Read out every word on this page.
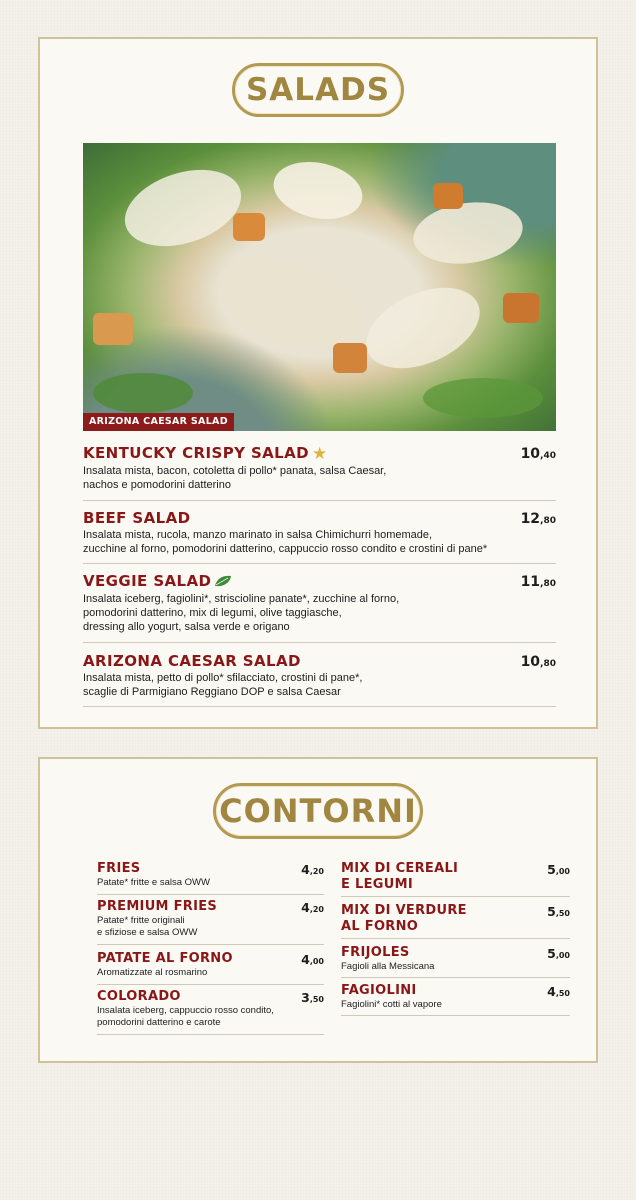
SALADS
ARIZONA CAESAR SALAD
KENTUCKY CRISPY SALAD ★
Insalata mista, bacon, cotoletta di pollo* panata, salsa Caesar,
nachos e pomodorini datterino
10,40
BEEF SALAD
Insalata mista, rucola, manzo marinato in salsa Chimichurri homemade,
zucchine al forno, pomodorini datterino, cappuccio rosso condito e crostini di pane*
12,80
VEGGIE SALAD
Insalata iceberg, fagiolini*, striscioline panate*, zucchine al forno,
pomodorini datterino, mix di legumi, olive taggiasche,
dressing allo yogurt, salsa verde e origano
11,80
ARIZONA CAESAR SALAD
Insalata mista, petto di pollo* sfilacciato, crostini di pane*,
scaglie di Parmigiano Reggiano DOP e salsa Caesar
10,80
CONTORNI
FRIES
Patate* fritte e salsa OWW
4,20
PREMIUM FRIES
Patate* fritte originali
e sfiziose e salsa OWW
4,20
PATATE AL FORNO
Aromatizzate al rosmarino
4,00
COLORADO
Insalata iceberg, cappuccio rosso condito,
pomodorini datterino e carote
3,50
MIX DI CEREALI
E LEGUMI
5,00
MIX DI VERDURE
AL FORNO
5,50
FRIJOLES
Fagioli alla Messicana
5,00
FAGIOLINI
Fagiolini* cotti al vapore
4,50
